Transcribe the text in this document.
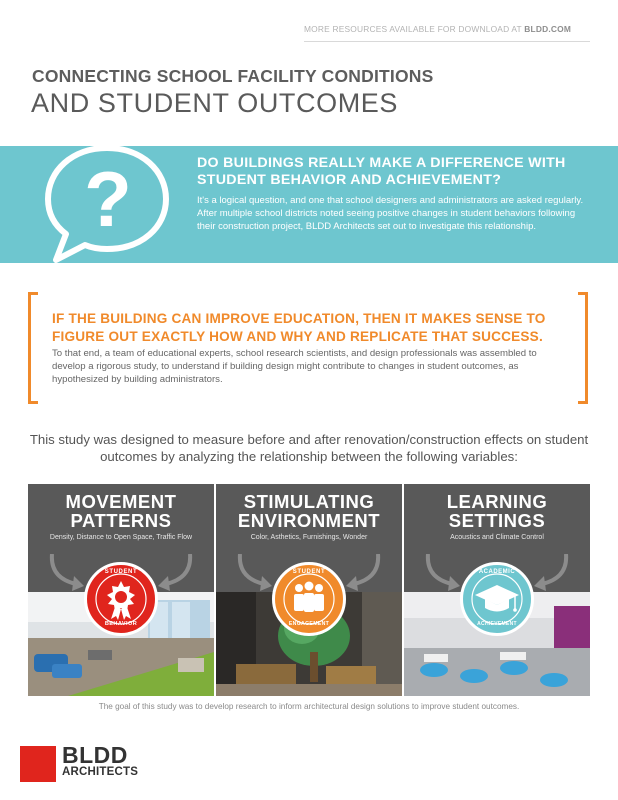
MORE RESOURCES AVAILABLE FOR DOWNLOAD AT BLDD.COM
CONNECTING SCHOOL FACILITY CONDITIONS
AND STUDENT OUTCOMES
?	DO BUILDINGS REALLY MAKE A DIFFERENCE WITH STUDENT BEHAVIOR AND ACHIEVEMENT?
It's a logical question, and one that school designers and administrators are asked regularly. After multiple school districts noted seeing positive changes in student behaviors following their construction project, BLDD Architects set out to investigate this relationship.
IF THE BUILDING CAN IMPROVE EDUCATION, THEN IT MAKES SENSE TO FIGURE OUT EXACTLY HOW AND WHY AND REPLICATE THAT SUCCESS.
To that end, a team of educational experts, school research scientists, and design professionals was assembled to develop a rigorous study, to understand if building design might contribute to changes in student outcomes, as hypothesized by building administrators.
This study was designed to measure before and after renovation/construction effects on student outcomes by analyzing the relationship between the following variables:
MOVEMENT
PATTERNS
Density, Distance to Open Space, Traffic Flow
STUDENT
BEHAVIOR
STIMULATING
ENVIRONMENT
Color, Asthetics, Furnishings, Wonder
STUDENT
ENGAGEMENT
LEARNING
SETTINGS
Acoustics and Climate Control
ACADEMIC
ACHIEVEMENT
The goal of this study was to develop research to inform architectural design solutions to improve student outcomes.
BLDD
ARCHITECTS
